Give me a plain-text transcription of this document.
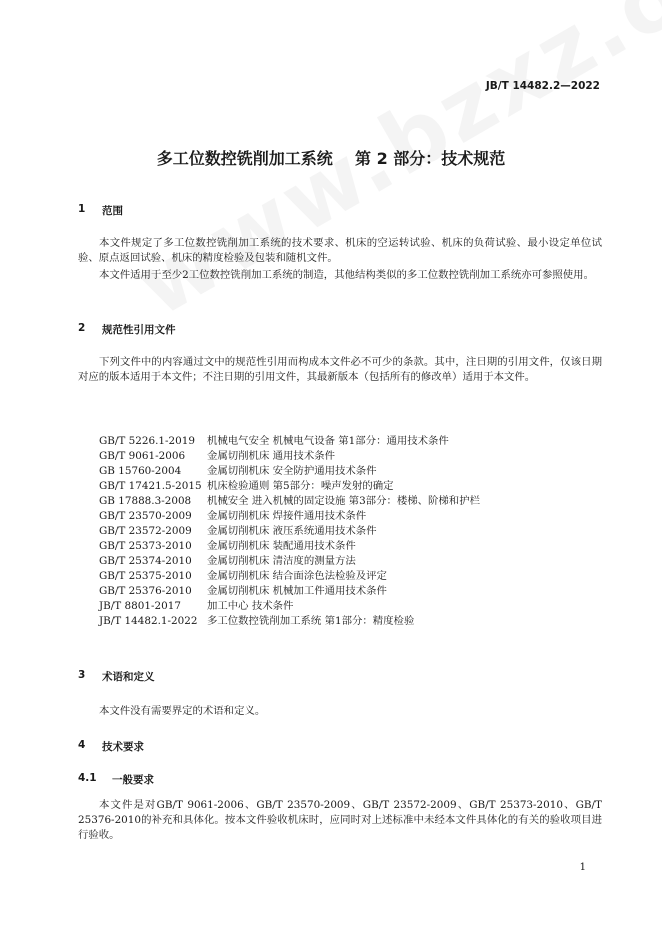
JB/T 14482.2—2022
多工位数控铣削加工系统    第 2 部分：技术规范
1	范围
本文件规定了多工位数控铣削加工系统的技术要求、机床的空运转试验、机床的负荷试验、最小设定单位试验、原点返回试验、机床的精度检验及包装和随机文件。
本文件适用于至少2工位数控铣削加工系统的制造，其他结构类似的多工位数控铣削加工系统亦可参照使用。
2	规范性引用文件
下列文件中的内容通过文中的规范性引用而构成本文件必不可少的条款。其中，注日期的引用文件，仅该日期对应的版本适用于本文件；不注日期的引用文件，其最新版本（包括所有的修改单）适用于本文件。
GB/T 5226.1-2019	机械电气安全 机械电气设备 第1部分：通用技术条件
GB/T 9061-2006	金属切削机床 通用技术条件
GB 15760-2004	金属切削机床 安全防护通用技术条件
GB/T 17421.5-2015 机床检验通则 第5部分：噪声发射的确定
GB 17888.3-2008	机械安全 进入机械的固定设施 第3部分：楼梯、阶梯和护栏
GB/T 23570-2009	金属切削机床 焊接件通用技术条件
GB/T 23572-2009	金属切削机床 液压系统通用技术条件
GB/T 25373-2010	金属切削机床 装配通用技术条件
GB/T 25374-2010	金属切削机床 清洁度的测量方法
GB/T 25375-2010	金属切削机床 结合面涂色法检验及评定
GB/T 25376-2010	金属切削机床 机械加工件通用技术条件
JB/T 8801-2017	加工中心 技术条件
JB/T 14482.1-2022 多工位数控铣削加工系统 第1部分：精度检验
3	术语和定义
本文件没有需要界定的术语和定义。
4	技术要求
4.1	一般要求
本文件是对GB/T 9061-2006、GB/T 23570-2009、GB/T 23572-2009、GB/T 25373-2010、GB/T 25376-2010的补充和具体化。按本文件验收机床时，应同时对上述标准中未经本文件具体化的有关的验收项目进行验收。
1
